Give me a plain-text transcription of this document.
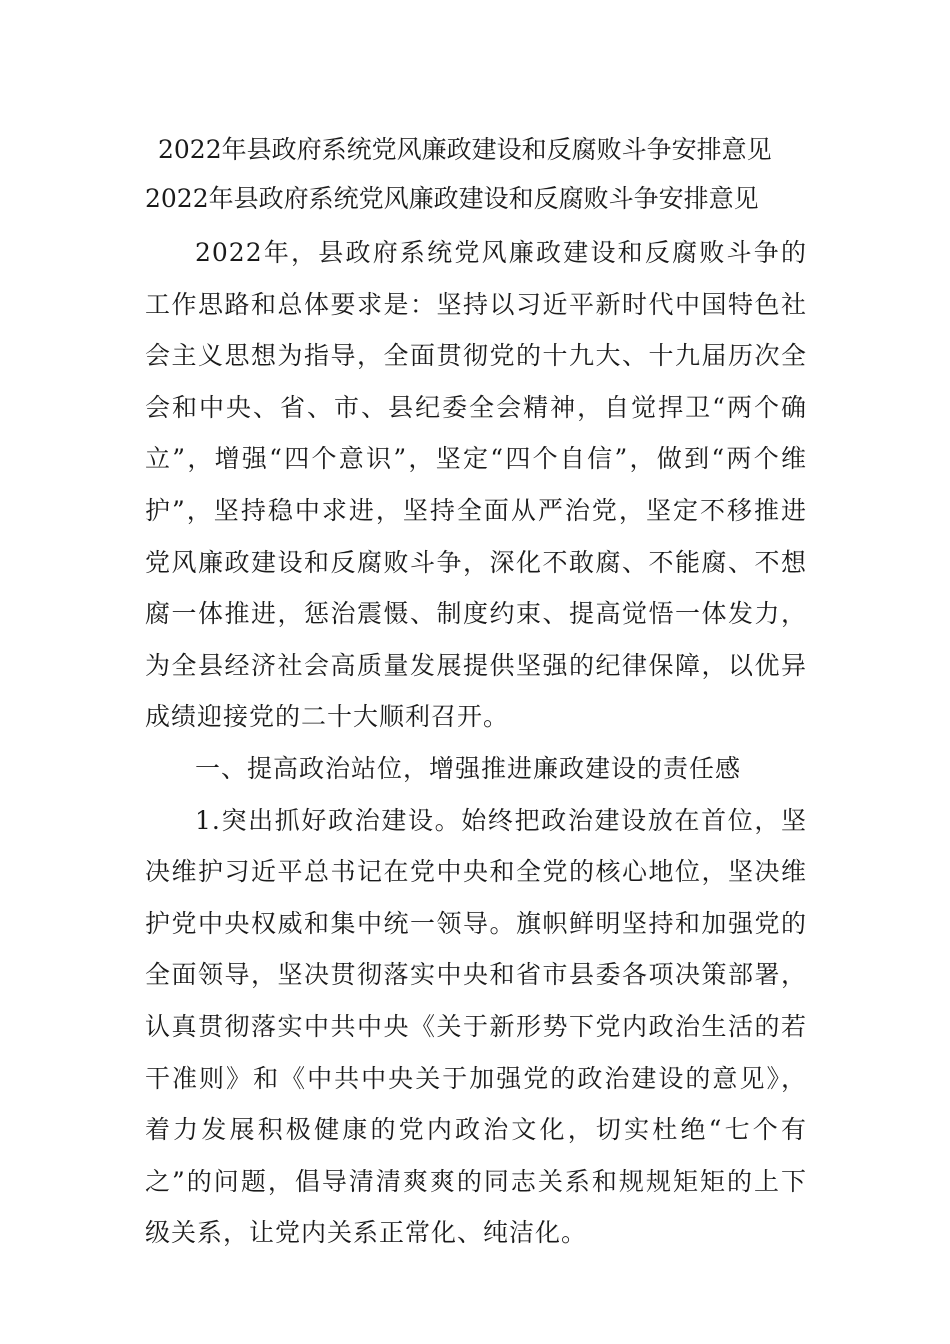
2022年县政府系统党风廉政建设和反腐败斗争安排意见
2022年县政府系统党风廉政建设和反腐败斗争安排意见

2022年，县政府系统党风廉政建设和反腐败斗争的工作思路和总体要求是：坚持以习近平新时代中国特色社会主义思想为指导，全面贯彻党的十九大、十九届历次全会和中央、省、市、县纪委全会精神，自觉捍卫“两个确立”，增强“四个意识”，坚定“四个自信”，做到“两个维护”，坚持稳中求进，坚持全面从严治党，坚定不移推进党风廉政建设和反腐败斗争，深化不敢腐、不能腐、不想腐一体推进，惩治震慑、制度约束、提高觉悟一体发力，为全县经济社会高质量发展提供坚强的纪律保障，以优异成绩迎接党的二十大顺利召开。

一、提高政治站位，增强推进廉政建设的责任感

1.突出抓好政治建设。始终把政治建设放在首位，坚决维护习近平总书记在党中央和全党的核心地位，坚决维护党中央权威和集中统一领导。旗帜鲜明坚持和加强党的全面领导，坚决贯彻落实中央和省市县委各项决策部署，认真贯彻落实中共中央《关于新形势下党内政治生活的若干准则》和《中共中央关于加强党的政治建设的意见》，着力发展积极健康的党内政治文化，切实杜绝“七个有之”的问题，倡导清清爽爽的同志关系和规规矩矩的上下级关系，让党内关系正常化、纯洁化。
